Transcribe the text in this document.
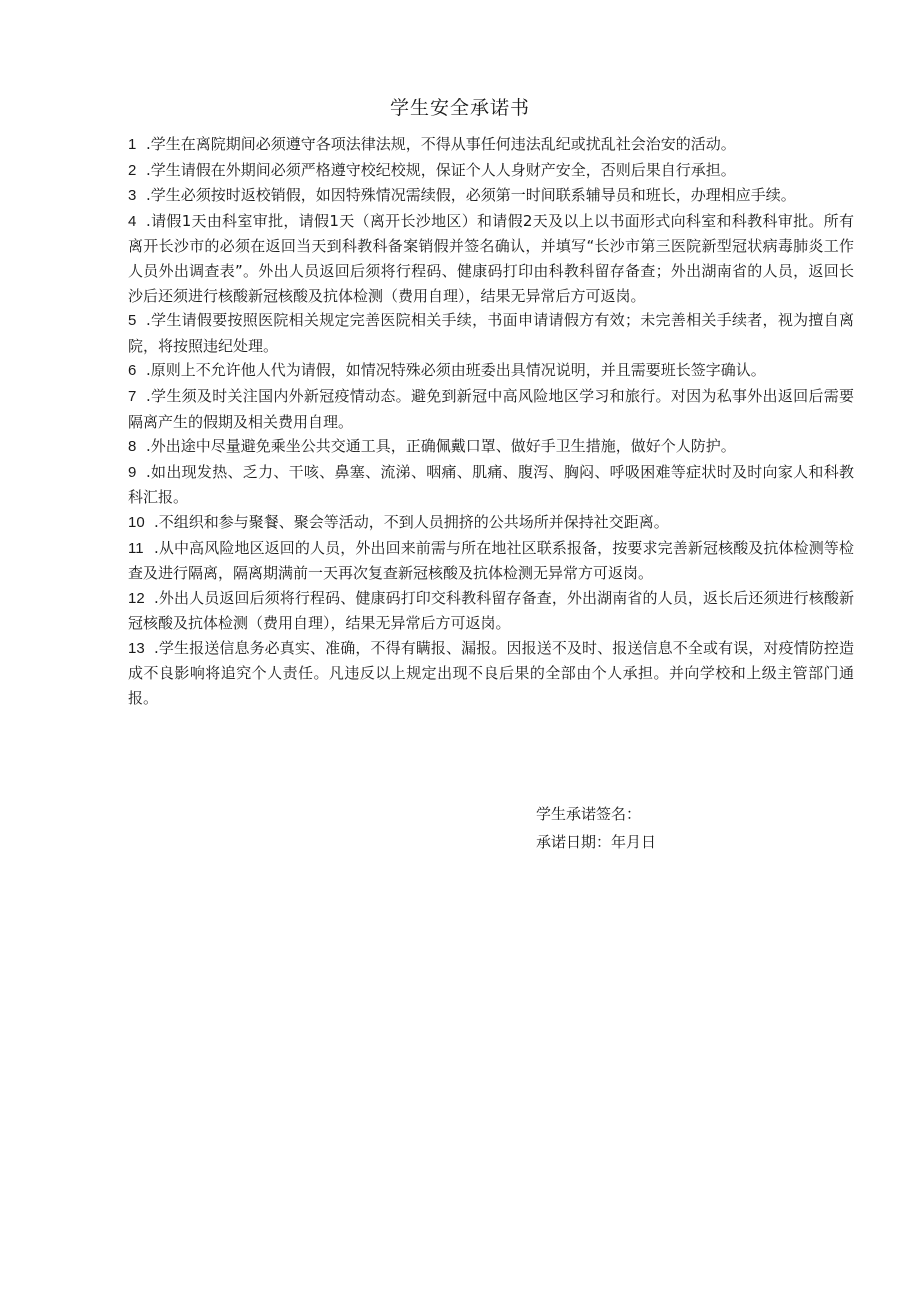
学生安全承诺书
1 .学生在离院期间必须遵守各项法律法规，不得从事任何违法乱纪或扰乱社会治安的活动。
2 .学生请假在外期间必须严格遵守校纪校规，保证个人人身财产安全，否则后果自行承担。
3 .学生必须按时返校销假，如因特殊情况需续假，必须第一时间联系辅导员和班长，办理相应手续。
4 .请假1天由科室审批，请假1天（离开长沙地区）和请假2天及以上以书面形式向科室和科教科审批。所有离开长沙市的必须在返回当天到科教科备案销假并签名确认，并填写“长沙市第三医院新型冠状病毒肺炎工作人员外出调查表”。外出人员返回后须将行程码、健康码打印由科教科留存备查；外出湖南省的人员，返回长沙后还须进行核酸新冠核酸及抗体检测（费用自理），结果无异常后方可返岗。
5 .学生请假要按照医院相关规定完善医院相关手续，书面申请请假方有效；未完善相关手续者，视为擅自离院，将按照违纪处理。
6 .原则上不允许他人代为请假，如情况特殊必须由班委出具情况说明，并且需要班长签字确认。
7 .学生须及时关注国内外新冠疫情动态。避免到新冠中高风险地区学习和旅行。对因为私事外出返回后需要隔离产生的假期及相关费用自理。
8 .外出途中尽量避免乘坐公共交通工具，正确佩戴口罩、做好手卫生措施，做好个人防护。
9 .如出现发热、乏力、干咳、鼻塞、流涕、咽痛、肌痛、腹泻、胸闷、呼吸困难等症状时及时向家人和科教科汇报。
10 .不组织和参与聚餐、聚会等活动，不到人员拥挤的公共场所并保持社交距离。
11 .从中高风险地区返回的人员，外出回来前需与所在地社区联系报备，按要求完善新冠核酸及抗体检测等检查及进行隔离，隔离期满前一天再次复查新冠核酸及抗体检测无异常方可返岗。
12 .外出人员返回后须将行程码、健康码打印交科教科留存备查，外出湖南省的人员，返长后还须进行核酸新冠核酸及抗体检测（费用自理），结果无异常后方可返岗。
13 .学生报送信息务必真实、准确，不得有瞒报、漏报。因报送不及时、报送信息不全或有误，对疫情防控造成不良影响将追究个人责任。凡违反以上规定出现不良后果的全部由个人承担。并向学校和上级主管部门通报。
学生承诺签名：
承诺日期：年月日
